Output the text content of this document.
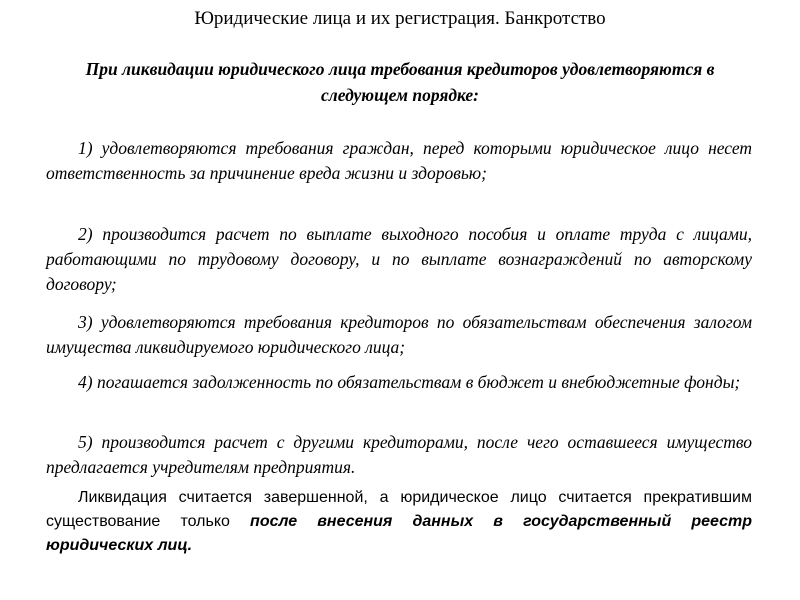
Юридические лица и их регистрация. Банкротство
При ликвидации юридического лица требования кредиторов удовлетворяются в следующем порядке:

1) удовлетворяются требования граждан, перед которыми юридическое лицо несет ответственность за причинение вреда жизни и здоровью;

2) производится расчет по выплате выходного пособия и оплате труда с лицами, работающими по трудовому договору, и по выплате вознаграждений по авторскому договору;

3) удовлетворяются требования кредиторов по обязательствам обеспечения залогом имущества ликвидируемого юридического лица;

4) погашается задолженность по обязательствам в бюджет и внебюджетные фонды;

5) производится расчет с другими кредиторами, после чего оставшееся имущество предлагается учредителям предприятия.

Ликвидация считается завершенной, а юридическое лицо считается прекратившим существование только после внесения данных в государственный реестр юридических лиц.
